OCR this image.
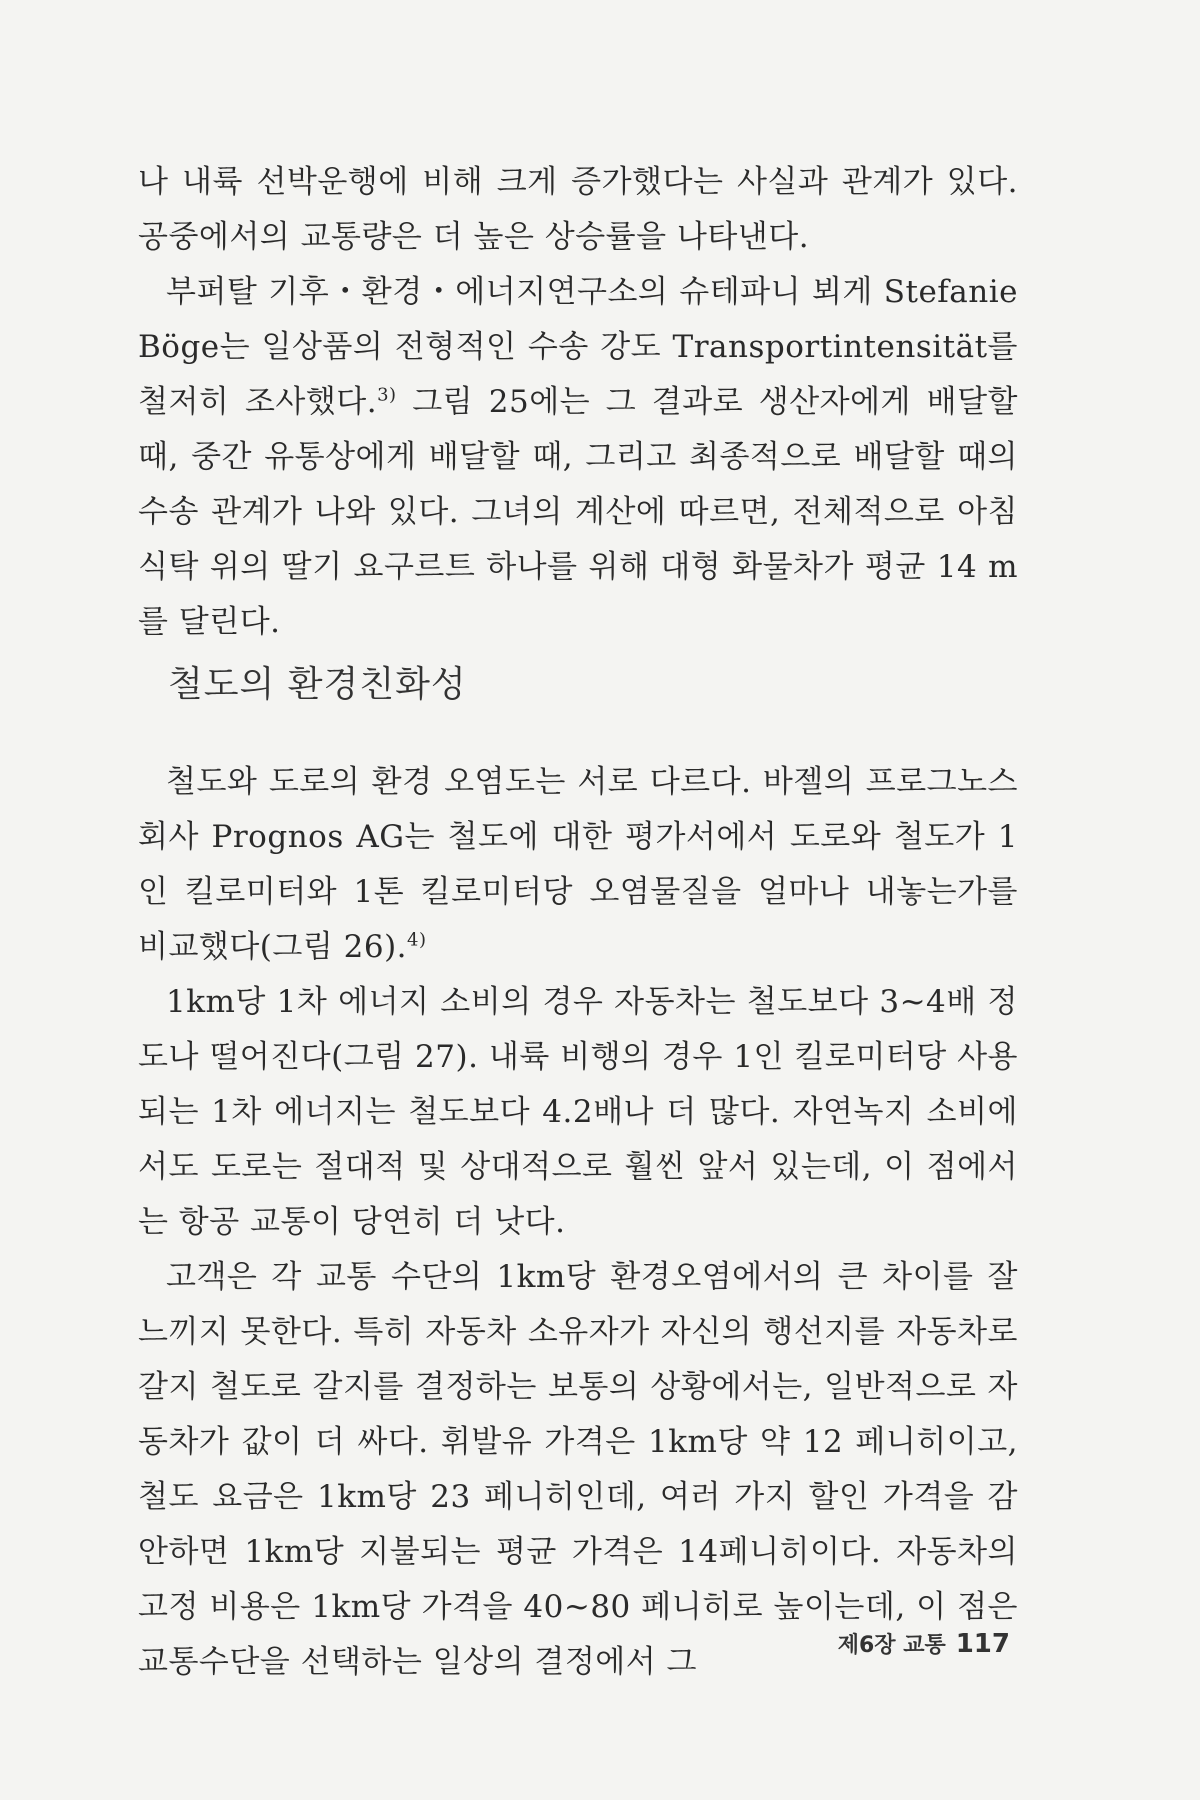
나 내륙 선박운행에 비해 크게 증가했다는 사실과 관계가 있다. 공중에서의 교통량은 더 높은 상승률을 나타낸다.

부퍼탈 기후・환경・에너지연구소의 슈테파니 뵈게 Stefanie Böge는 일상품의 전형적인 수송 강도 Transportintensität를 철저히 조사했다.$^{3)}$ 그림 25에는 그 결과로 생산자에게 배달할 때, 중간 유통상에게 배달할 때, 그리고 최종적으로 배달할 때의 수송 관계가 나와 있다. 그녀의 계산에 따르면, 전체적으로 아침 식탁 위의 딸기 요구르트 하나를 위해 대형 화물차가 평균 14 m를 달린다.

철도의 환경친화성

철도와 도로의 환경 오염도는 서로 다르다. 바젤의 프로그노스 회사 Prognos AG는 철도에 대한 평가서에서 도로와 철도가 1인 킬로미터와 1톤 킬로미터당 오염물질을 얼마나 내놓는가를 비교했다(그림 26).$^{4)}$

1km당 1차 에너지 소비의 경우 자동차는 철도보다 3~4배 정도나 떨어진다(그림 27). 내륙 비행의 경우 1인 킬로미터당 사용되는 1차 에너지는 철도보다 4.2배나 더 많다. 자연녹지 소비에서도 도로는 절대적 및 상대적으로 훨씬 앞서 있는데, 이 점에서는 항공 교통이 당연히 더 낫다.

고객은 각 교통 수단의 1km당 환경오염에서의 큰 차이를 잘 느끼지 못한다. 특히 자동차 소유자가 자신의 행선지를 자동차로 갈지 철도로 갈지를 결정하는 보통의 상황에서는, 일반적으로 자동차가 값이 더 싸다. 휘발유 가격은 1km당 약 12 페니히이고, 철도 요금은 1km당 23 페니히인데, 여러 가지 할인 가격을 감안하면 1km당 지불되는 평균 가격은 14페니히이다. 자동차의 고정 비용은 1km당 가격을 40~80 페니히로 높이는데, 이 점은 교통수단을 선택하는 일상의 결정에서 그	제6장 교통 117
